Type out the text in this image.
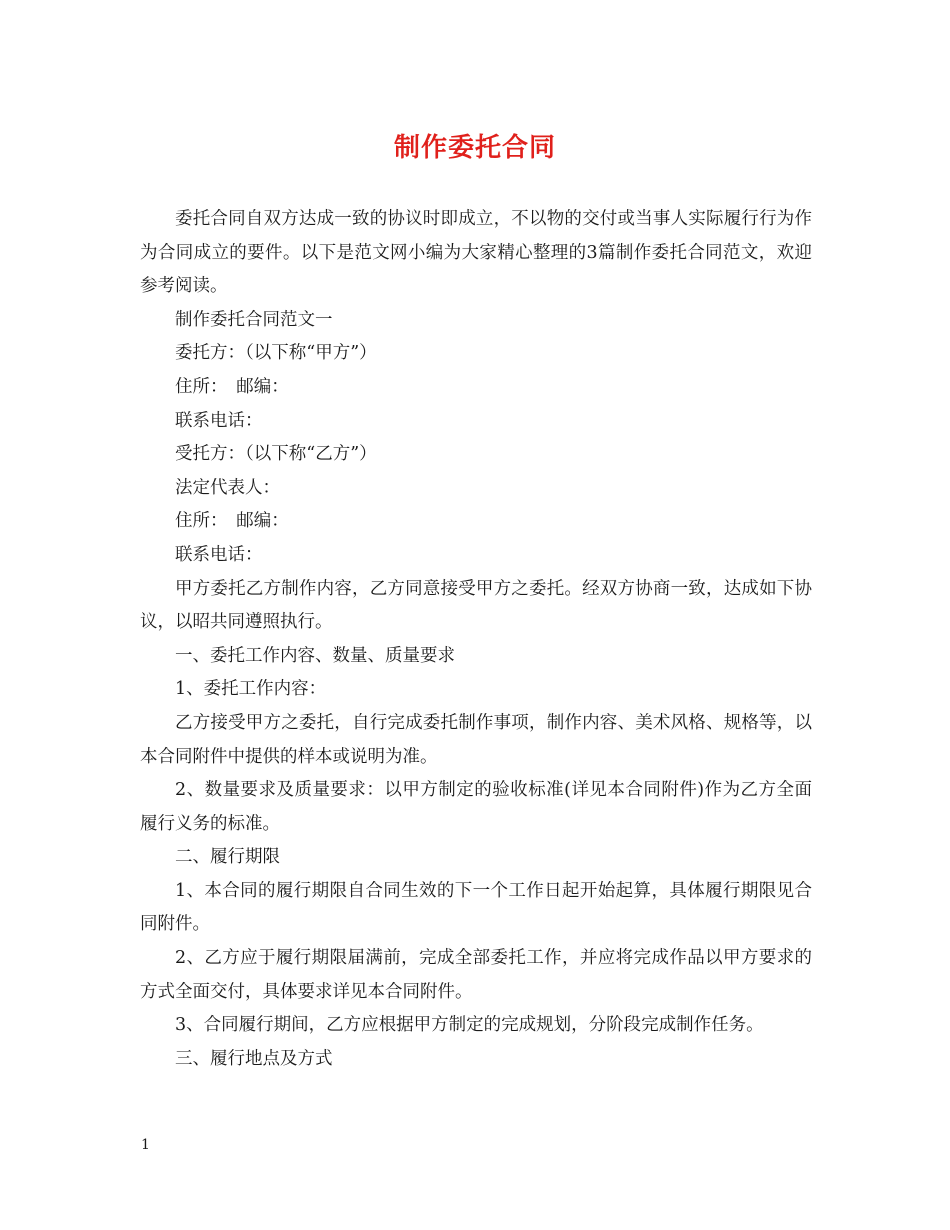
制作委托合同

委托合同自双方达成一致的协议时即成立，不以物的交付或当事人实际履行行为作为合同成立的要件。以下是范文网小编为大家精心整理的3篇制作委托合同范文，欢迎参考阅读。

制作委托合同范文一

委托方：（以下称“甲方”）

住所：　邮编：

联系电话：

受托方：（以下称“乙方”）

法定代表人：

住所：　邮编：

联系电话：

甲方委托乙方制作内容，乙方同意接受甲方之委托。经双方协商一致，达成如下协议，以昭共同遵照执行。

一、委托工作内容、数量、质量要求

1、委托工作内容：

乙方接受甲方之委托，自行完成委托制作事项，制作内容、美术风格、规格等，以本合同附件中提供的样本或说明为准。

2、数量要求及质量要求：以甲方制定的验收标准(详见本合同附件)作为乙方全面履行义务的标准。

二、履行期限

1、本合同的履行期限自合同生效的下一个工作日起开始起算，具体履行期限见合同附件。

2、乙方应于履行期限届满前，完成全部委托工作，并应将完成作品以甲方要求的方式全面交付，具体要求详见本合同附件。

3、合同履行期间，乙方应根据甲方制定的完成规划，分阶段完成制作任务。

三、履行地点及方式

1
